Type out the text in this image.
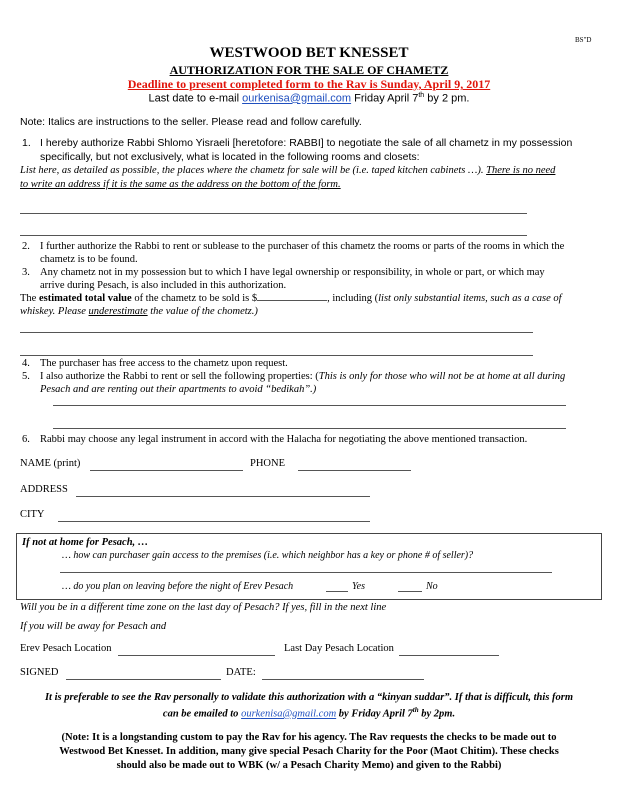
BS"D
WESTWOOD BET KNESSET
AUTHORIZATION FOR THE SALE OF CHAMETZ
Deadline to present completed form to the Rav is Sunday, April 9, 2017
Last date to e-mail ourkenisa@gmail.com Friday April 7th by 2 pm.
Note: Italics are instructions to the seller. Please read and follow carefully.
1. I hereby authorize Rabbi Shlomo Yisraeli [heretofore: RABBI] to negotiate the sale of all chametz in my possession
specifically, but not exclusively, what is located in the following rooms and closets:
List here, as detailed as possible, the places where the chametz for sale will be (i.e. taped kitchen cabinets …). There is no need
to write an address if it is the same as the address on the bottom of the form.
2. I further authorize the Rabbi to rent or sublease to the purchaser of this chametz the rooms or parts of the rooms in which the
chametz is to be found.
3. Any chametz not in my possession but to which I have legal ownership or responsibility, in whole or part, or which may
arrive during Pesach, is also included in this authorization.
The estimated total value of the chametz to be sold is $	, including (list only substantial items, such as a case of
whiskey. Please underestimate the value of the chometz.)
4. The purchaser has free access to the chametz upon request.
5. I also authorize the Rabbi to rent or sell the following properties: (This is only for those who will not be at home at all during
Pesach and are renting out their apartments to avoid “bedikah”.)
6. Rabbi may choose any legal instrument in accord with the Halacha for negotiating the above mentioned transaction.
NAME (print)	PHONE
ADDRESS
CITY
If not at home for Pesach, …
… how can purchaser gain access to the premises (i.e. which neighbor has a key or phone # of seller)?
… do you plan on leaving before the night of Erev Pesach	Yes	No
Will you be in a different time zone on the last day of Pesach? If yes, fill in the next line
If you will be away for Pesach and
Erev Pesach Location	Last Day Pesach Location
SIGNED	DATE:
It is preferable to see the Rav personally to validate this authorization with a “kinyan suddar”. If that is difficult, this form
can be emailed to ourkenisa@gmail.com by Friday April 7th by 2pm.
(Note: It is a longstanding custom to pay the Rav for his agency. The Rav requests the checks to be made out to
Westwood Bet Knesset. In addition, many give special Pesach Charity for the Poor (Maot Chitim). These checks
should also be made out to WBK (w/ a Pesach Charity Memo) and given to the Rabbi)
